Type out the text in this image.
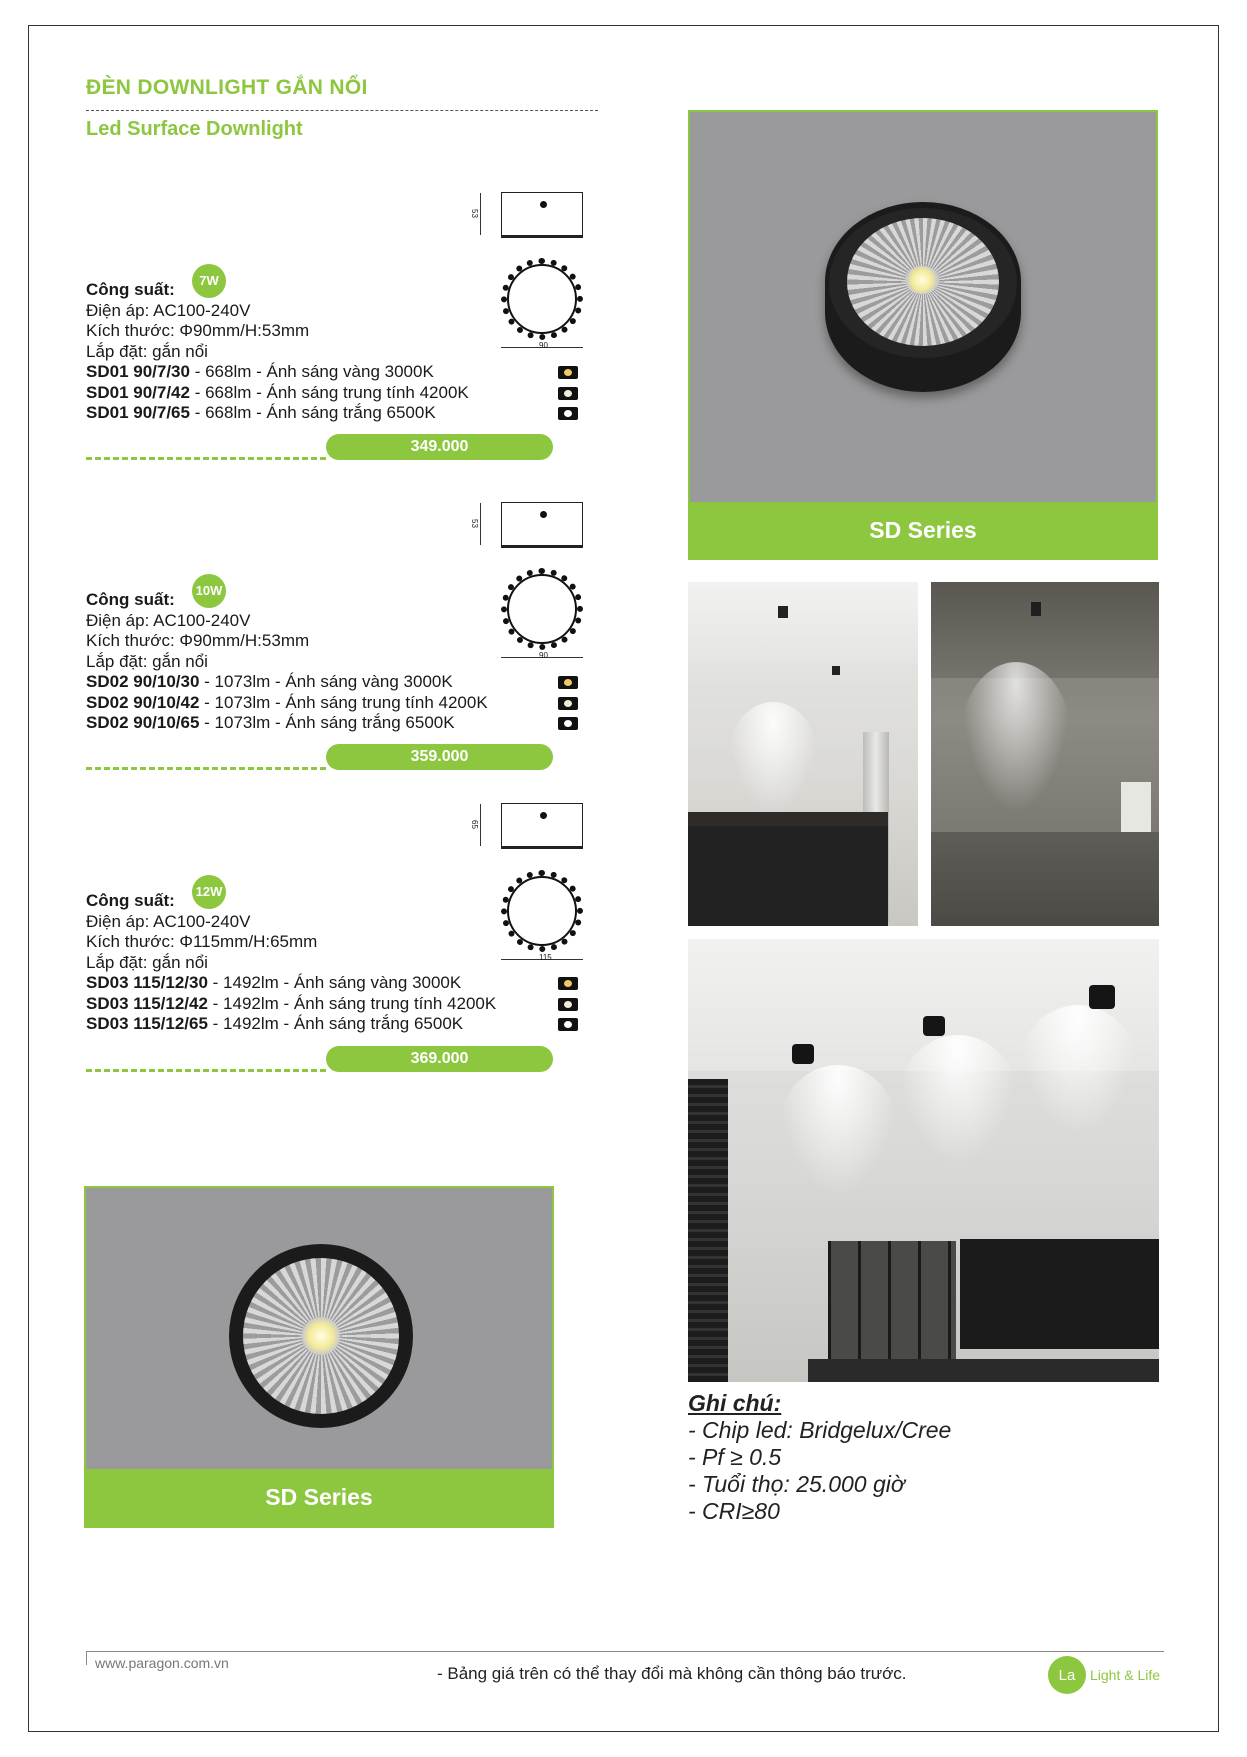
ĐÈN DOWNLIGHT GẮN NỔI
Led Surface Downlight
53
90
Công suất:	7W
Điện áp: AC100-240V
Kích thước: Φ90mm/H:53mm
Lắp đặt: gắn nổi
SD01 90/7/30 - 668lm - Ánh sáng vàng 3000K
SD01 90/7/42 - 668lm - Ánh sáng trung tính 4200K
SD01 90/7/65 - 668lm - Ánh sáng trắng 6500K
349.000
53
90
Công suất:	10W
Điện áp: AC100-240V
Kích thước: Φ90mm/H:53mm
Lắp đặt: gắn nổi
SD02 90/10/30 - 1073lm - Ánh sáng vàng 3000K
SD02 90/10/42 - 1073lm - Ánh sáng trung tính 4200K
SD02 90/10/65 - 1073lm - Ánh sáng trắng 6500K
359.000
65
115
Công suất:	12W
Điện áp: AC100-240V
Kích thước: Φ115mm/H:65mm
Lắp đặt: gắn nổi
SD03 115/12/30 - 1492lm - Ánh sáng vàng 3000K
SD03 115/12/42 - 1492lm - Ánh sáng trung tính 4200K
SD03 115/12/65 - 1492lm - Ánh sáng trắng 6500K
369.000
SD Series
SD Series
Ghi chú:
- Chip led: Bridgelux/Cree
- Pf ≥ 0.5
- Tuổi thọ: 25.000 giờ
- CRI≥80
www.paragon.com.vn
- Bảng giá trên có thể thay đổi mà không cần thông báo trước.	La	Light & Life
